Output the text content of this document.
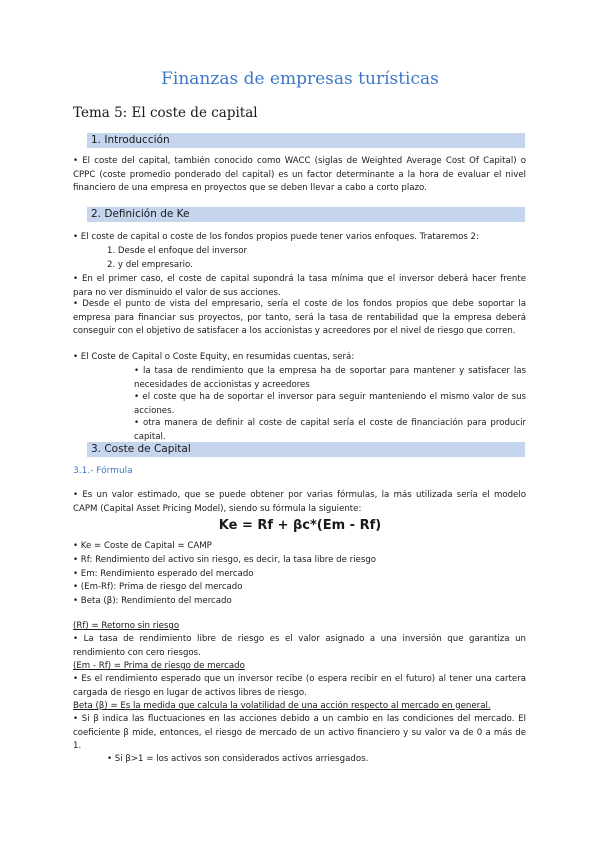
Finanzas de empresas turísticas
Tema 5: El coste de capital
1. Introducción
• El coste del capital, también conocido como WACC (siglas de Weighted Average Cost Of Capital) o CPPC (coste promedio ponderado del capital) es un factor determinante a la hora de evaluar el nivel financiero de una empresa en proyectos que se deben llevar a cabo a corto plazo.
2. Definición de Ke
• El coste de capital o coste de los fondos propios puede tener varios enfoques. Trataremos 2:
1. Desde el enfoque del inversor
2. y del empresario.
• En el primer caso, el coste de capital supondrá la tasa mínima que el inversor deberá hacer frente para no ver disminuido el valor de sus acciones.
• Desde el punto de vista del empresario, sería el coste de los fondos propios que debe soportar la empresa para financiar sus proyectos, por tanto, será la tasa de rentabilidad que la empresa deberá conseguir con el objetivo de satisfacer a los accionistas y acreedores por el nivel de riesgo que corren.
• El Coste de Capital o Coste Equity, en resumidas cuentas, será:
• la tasa de rendimiento que la empresa ha de soportar para mantener y satisfacer las necesidades de accionistas y acreedores
• el coste que ha de soportar el inversor para seguir manteniendo el mismo valor de sus acciones.
• otra manera de definir al coste de capital sería el coste de financiación para producir capital.
3. Coste de Capital
3.1.- Fórmula
• Es un valor estimado, que se puede obtener por varias fórmulas, la más utilizada sería el modelo CAPM (Capital Asset Pricing Model), siendo su fórmula la siguiente:
Ke = Rf + βc*(Em - Rf)
• Ke = Coste de Capital = CAMP
• Rf: Rendimiento del activo sin riesgo, es decir, la tasa libre de riesgo
• Em: Rendimiento esperado del mercado
• (Em-Rf): Prima de riesgo del mercado
• Beta (β): Rendimiento del mercado
(Rf) = Retorno sin riesgo
• La tasa de rendimiento libre de riesgo es el valor asignado a una inversión que garantiza un rendimiento con cero riesgos.
(Em - Rf) = Prima de riesgo de mercado
• Es el rendimiento esperado que un inversor recibe (o espera recibir en el futuro) al tener una cartera cargada de riesgo en lugar de activos libres de riesgo.
Beta (β) = Es la medida que calcula la volatilidad de una acción respecto al mercado en general.
• Si β indica las fluctuaciones en las acciones debido a un cambio en las condiciones del mercado. El coeficiente β mide, entonces, el riesgo de mercado de un activo financiero y su valor va de 0 a más de 1.
• Si β>1 = los activos son considerados activos arriesgados.
